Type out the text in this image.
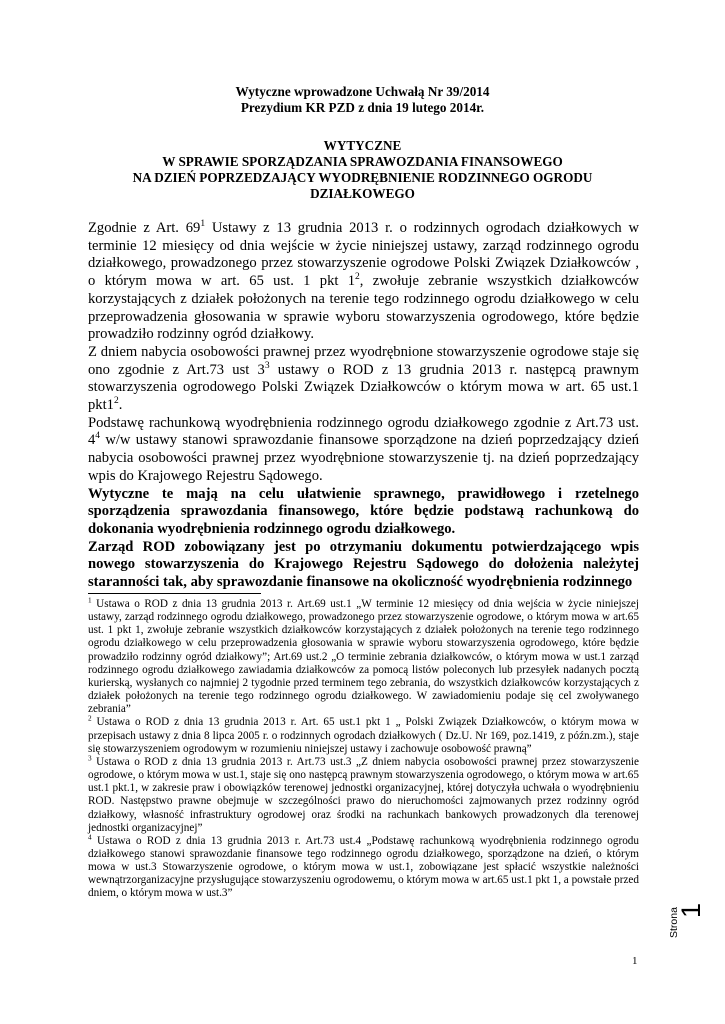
Wytyczne wprowadzone Uchwałą Nr 39/2014
Prezydium KR PZD z dnia 19 lutego 2014r.
WYTYCZNE
W SPRAWIE SPORZĄDZANIA SPRAWOZDANIA FINANSOWEGO
NA DZIEŃ POPRZEDZAJĄCY WYODRĘBNIENIE RODZINNEGO OGRODU
DZIAŁKOWEGO

Zgodnie z Art. $69^1$ Ustawy z 13 grudnia 2013 r. o rodzinnych ogrodach działkowych w terminie 12 miesięcy od dnia wejście w życie niniejszej ustawy, zarząd rodzinnego ogrodu działkowego, prowadzonego przez stowarzyszenie ogrodowe Polski Związek Działkowców , o którym mowa w art. 65 ust. 1 pkt $1^2$, zwołuje zebranie wszystkich działkowców korzystających z działek położonych na terenie tego rodzinnego ogrodu działkowego w celu przeprowadzenia głosowania w sprawie wyboru stowarzyszenia ogrodowego, które będzie prowadziło rodzinny ogród działkowy.

Z dniem nabycia osobowości prawnej przez wyodrębnione stowarzyszenie ogrodowe staje się ono zgodnie z Art.73 ust $3^3$ ustawy o ROD z 13 grudnia 2013 r. następcą prawnym stowarzyszenia ogrodowego Polski Związek Działkowców o którym mowa w art. 65 ust.1 $pkt1^2$.

Podstawę rachunkową wyodrębnienia rodzinnego ogrodu działkowego zgodnie z Art.73 ust. $4^4$ w/w ustawy stanowi sprawozdanie finansowe sporządzone na dzień poprzedzający dzień nabycia osobowości prawnej przez wyodrębnione stowarzyszenie tj. na dzień poprzedzający wpis do Krajowego Rejestru Sądowego.

Wytyczne te mają na celu ułatwienie sprawnego, prawidłowego i rzetelnego sporządzenia sprawozdania finansowego, które będzie podstawą rachunkową do dokonania wyodrębnienia rodzinnego ogrodu działkowego.

Zarząd ROD zobowiązany jest po otrzymaniu dokumentu potwierdzającego wpis nowego stowarzyszenia do Krajowego Rejestru Sądowego do dołożenia należytej staranności tak, aby sprawozdanie finansowe na okoliczność wyodrębnienia rodzinnego

$^1$ Ustawa o ROD z dnia 13 grudnia 2013 r. Art.69 ust.1 „W terminie 12 miesięcy od dnia wejścia w życie niniejszej ustawy, zarząd rodzinnego ogrodu działkowego, prowadzonego przez stowarzyszenie ogrodowe, o którym mowa w art.65 ust. 1 pkt 1, zwołuje zebranie wszystkich działkowców korzystających z działek położonych na terenie tego rodzinnego ogrodu działkowego w celu przeprowadzenia głosowania w sprawie wyboru stowarzyszenia ogrodowego, które będzie prowadziło rodzinny ogród działkowy”; Art.69 ust.2 „O terminie zebrania działkowców, o którym mowa w ust.1 zarząd rodzinnego ogrodu działkowego zawiadamia działkowców za pomocą listów poleconych lub przesyłek nadanych pocztą kurierską, wysłanych co najmniej 2 tygodnie przed terminem tego zebrania, do wszystkich działkowców korzystających z działek położonych na terenie tego rodzinnego ogrodu działkowego. W zawiadomieniu podaje się cel zwoływanego zebrania”

$^2$ Ustawa o ROD z dnia 13 grudnia 2013 r. Art. 65 ust.1 pkt 1 „ Polski Związek Działkowców, o którym mowa w przepisach ustawy z dnia 8 lipca 2005 r. o rodzinnych ogrodach działkowych ( Dz.U. Nr 169, poz.1419, z późn.zm.), staje się stowarzyszeniem ogrodowym w rozumieniu niniejszej ustawy i zachowuje osobowość prawną”

$^3$ Ustawa o ROD z dnia 13 grudnia 2013 r. Art.73 ust.3 „Z dniem nabycia osobowości prawnej przez stowarzyszenie ogrodowe, o którym mowa w ust.1, staje się ono następcą prawnym stowarzyszenia ogrodowego, o którym mowa w art.65 ust.1 pkt.1, w zakresie praw i obowiązków terenowej jednostki organizacyjnej, której dotyczyła uchwała o wyodrębnieniu ROD. Następstwo prawne obejmuje w szczególności prawo do nieruchomości zajmowanych przez rodzinny ogród działkowy, własność infrastruktury ogrodowej oraz środki na rachunkach bankowych prowadzonych dla terenowej jednostki organizacyjnej”

$^4$ Ustawa o ROD z dnia 13 grudnia 2013 r. Art.73 ust.4 „Podstawę rachunkową wyodrębnienia rodzinnego ogrodu działkowego stanowi sprawozdanie finansowe tego rodzinnego ogrodu działkowego, sporządzone na dzień, o którym mowa w ust.3 Stowarzyszenie ogrodowe, o którym mowa w ust.1, zobowiązane jest spłacić wszystkie należności wewnątrzorganizacyjne przysługujące stowarzyszeniu ogrodowemu, o którym mowa w art.65 ust.1 pkt 1, a powstałe przed dniem, o którym mowa w ust.3”

Strona
1
1
